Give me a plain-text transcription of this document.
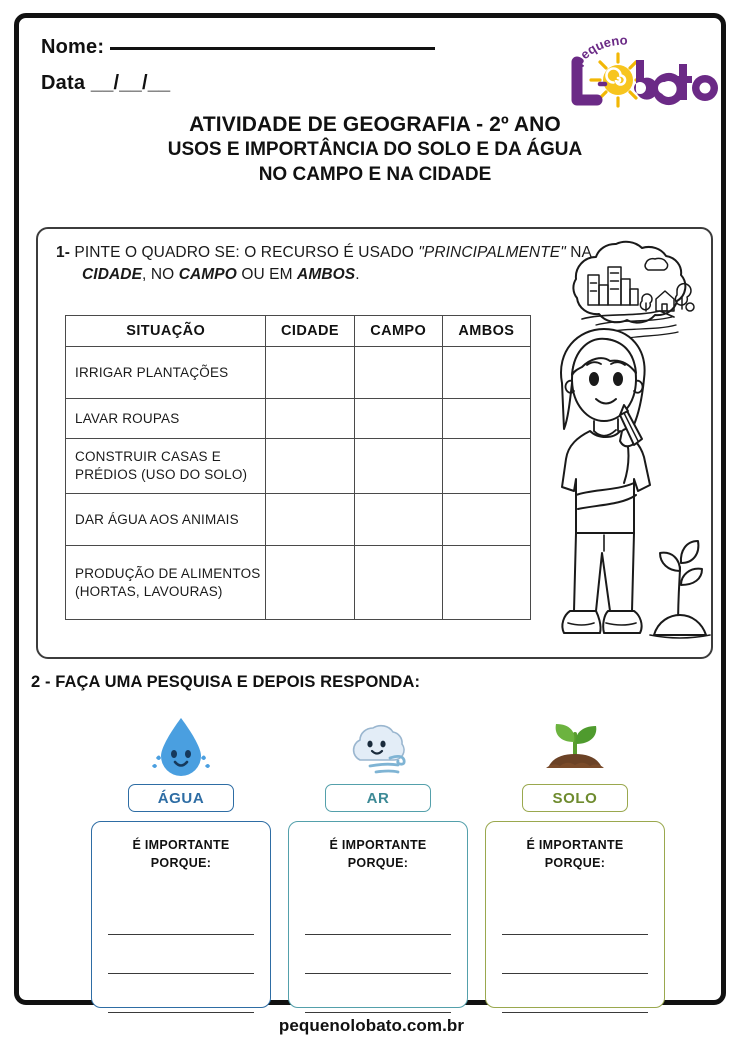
Nome:
Data __/__/__
pequeno
ATIVIDADE DE GEOGRAFIA - 2º ANO
USOS E IMPORTÂNCIA DO SOLO E DA ÁGUA
NO CAMPO E NA CIDADE
1- PINTE O QUADRO SE: O RECURSO É USADO "PRINCIPALMENTE" NA
CIDADE, NO CAMPO OU EM AMBOS.
SITUAÇÃO	CIDADE	CAMPO	AMBOS
IRRIGAR PLANTAÇÕES			
LAVAR ROUPAS			
CONSTRUIR CASAS E PRÉDIOS (USO DO SOLO)			
DAR ÁGUA AOS ANIMAIS			
PRODUÇÃO DE ALIMENTOS (HORTAS, LAVOURAS)			
2 - FAÇA UMA PESQUISA E DEPOIS RESPONDA:
ÁGUA
É IMPORTANTE
PORQUE:
AR
É IMPORTANTE
PORQUE:
SOLO
É IMPORTANTE
PORQUE:
pequenolobato.com.br
